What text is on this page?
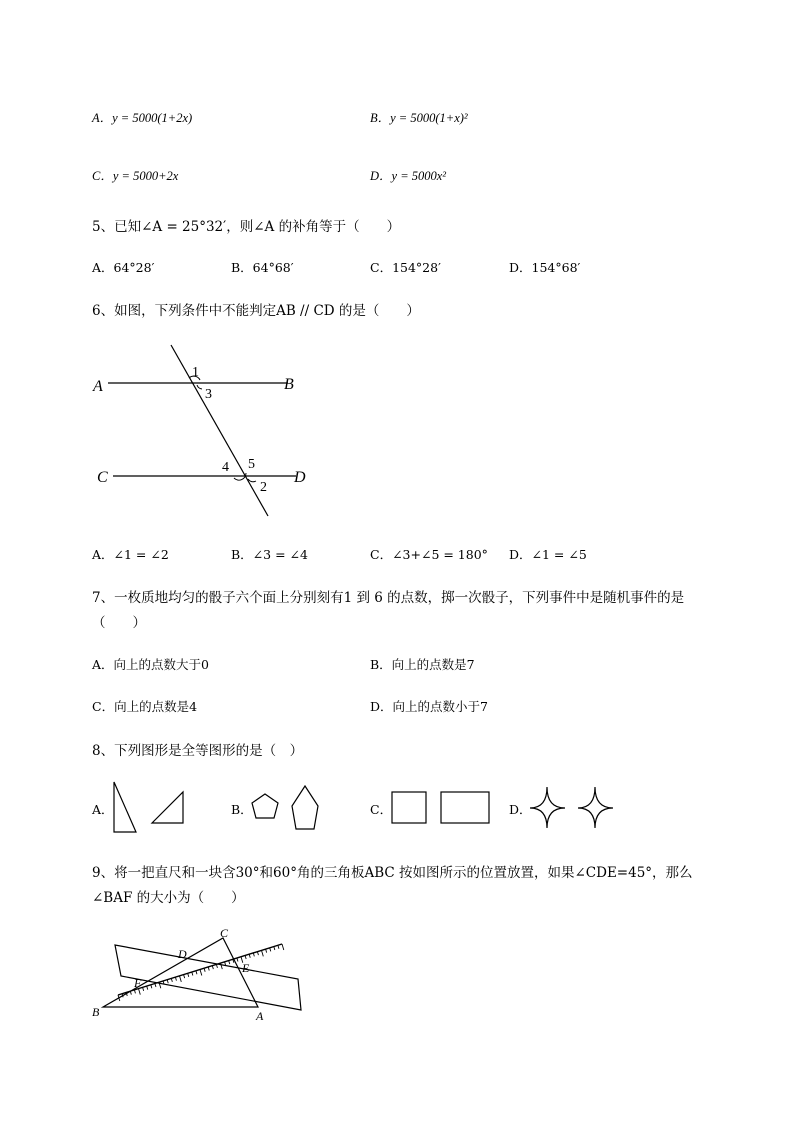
A．y = 5000(1+2x)	B．y = 5000(1+x)²
C．y = 5000+2x	D．y = 5000x²
5、已知∠A = 25°32′，则∠A 的补角等于（　　）
A．64°28′	B．64°68′	C．154°28′	D．154°68′
6、如图，下列条件中不能判定AB // CD 的是（　　）
A	B
C	D
1
3
4 5
2
A．∠1 = ∠2	B．∠3 = ∠4	C．∠3+∠5 = 180° D．∠1 = ∠5
7、一枚质地均匀的骰子六个面上分别刻有1 到 6 的点数，掷一次骰子，下列事件中是随机事件的是
（　　）
A．向上的点数大于0	B．向上的点数是7
C．向上的点数是4	D．向上的点数小于7
8、下列图形是全等图形的是（　）
A．	B．	C．	D．
9、将一把直尺和一块含30°和60°角的三角板ABC 按如图所示的位置放置，如果∠CDE=45°，那么
∠BAF 的大小为（　　）
B	A
C
D
E
F
